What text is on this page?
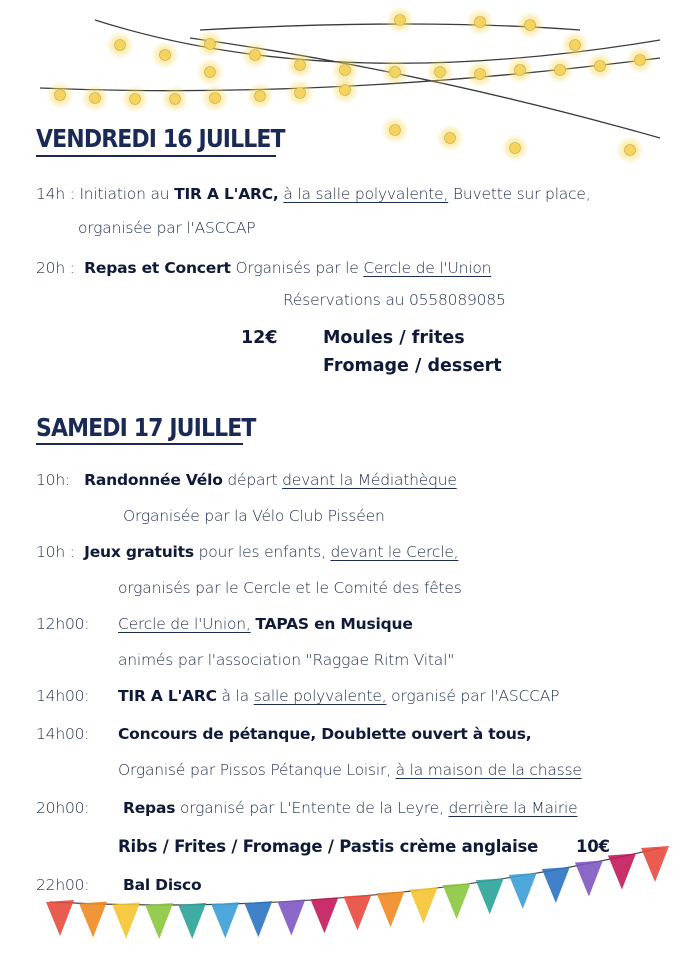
VENDREDI 16 JUILLET
14h : Initiation au TIR A L'ARC, à la salle polyvalente, Buvette sur place,
organisée par l'ASCCAP
20h : Repas et Concert Organisés par le Cercle de l'Union
Réservations au 0558089085
12€	Moules / frites
Fromage / dessert
SAMEDI 17 JUILLET
10h: Randonnée Vélo départ devant la Médiathèque
Organisée par la Vélo Club Pisséen
10h : Jeux gratuits pour les enfants, devant le Cercle,
organisés par le Cercle et le Comité des fêtes
12h00: Cercle de l'Union, TAPAS en Musique
animés par l'association "Raggae Ritm Vital"
14h00: TIR A L'ARC à la salle polyvalente, organisé par l'ASCCAP
14h00: Concours de pétanque, Doublette ouvert à tous,
Organisé par Pissos Pétanque Loisir, à la maison de la chasse
20h00: Repas organisé par L'Entente de la Leyre, derrière la Mairie
Ribs / Frites / Fromage / Pastis crème anglaise 10€
22h00: Bal Disco
